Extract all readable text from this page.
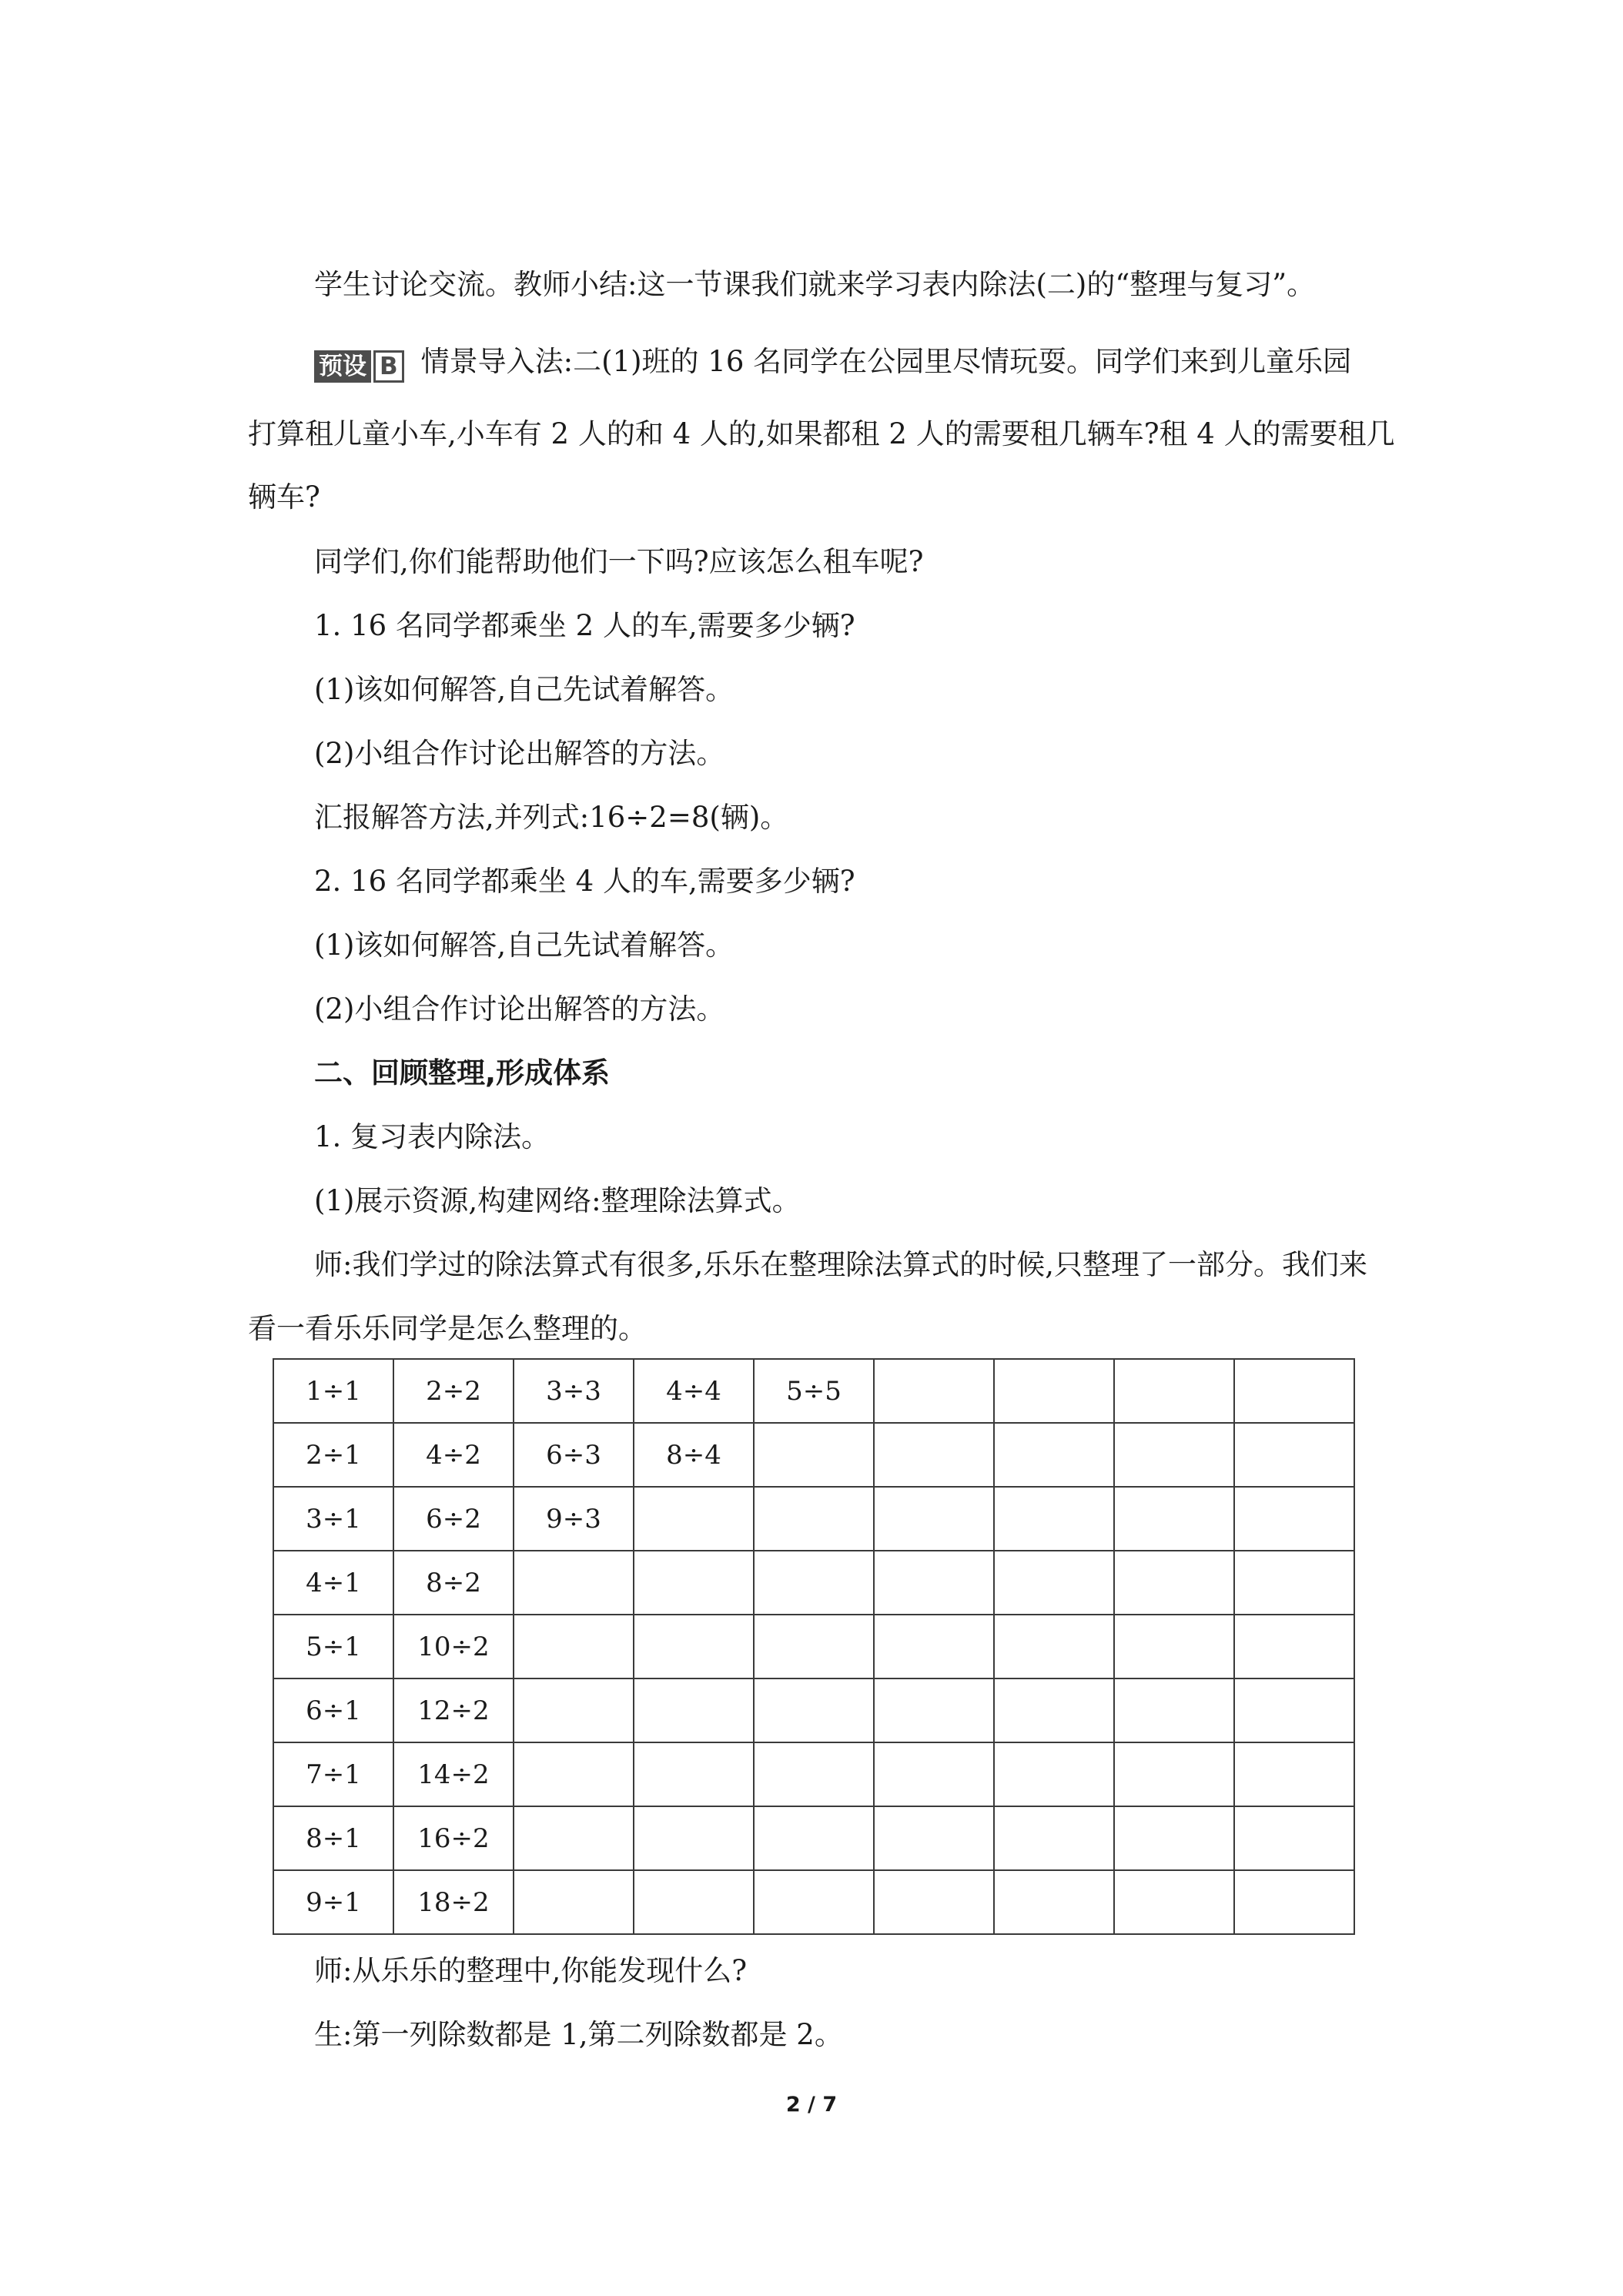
学生讨论交流。教师小结:这一节课我们就来学习表内除法(二)的“整理与复习”。
预设 B 情景导入法:二(1)班的 16 名同学在公园里尽情玩耍。同学们来到儿童乐园
打算租儿童小车,小车有 2 人的和 4 人的,如果都租 2 人的需要租几辆车?租 4 人的需要租几
辆车?
同学们,你们能帮助他们一下吗?应该怎么租车呢?
1. 16 名同学都乘坐 2 人的车,需要多少辆?
(1)该如何解答,自己先试着解答。
(2)小组合作讨论出解答的方法。
汇报解答方法,并列式:16÷2=8(辆)。
2. 16 名同学都乘坐 4 人的车,需要多少辆?
(1)该如何解答,自己先试着解答。
(2)小组合作讨论出解答的方法。
二、回顾整理,形成体系
1. 复习表内除法。
(1)展示资源,构建网络:整理除法算式。
师:我们学过的除法算式有很多,乐乐在整理除法算式的时候,只整理了一部分。我们来
看一看乐乐同学是怎么整理的。
1÷1	2÷2	3÷3	4÷4	5÷5				
2÷1	4÷2	6÷3	8÷4					
3÷1	6÷2	9÷3						
4÷1	8÷2							
5÷1	10÷2							
6÷1	12÷2							
7÷1	14÷2							
8÷1	16÷2							
9÷1	18÷2							
师:从乐乐的整理中,你能发现什么?
生:第一列除数都是 1,第二列除数都是 2。
2 / 7
